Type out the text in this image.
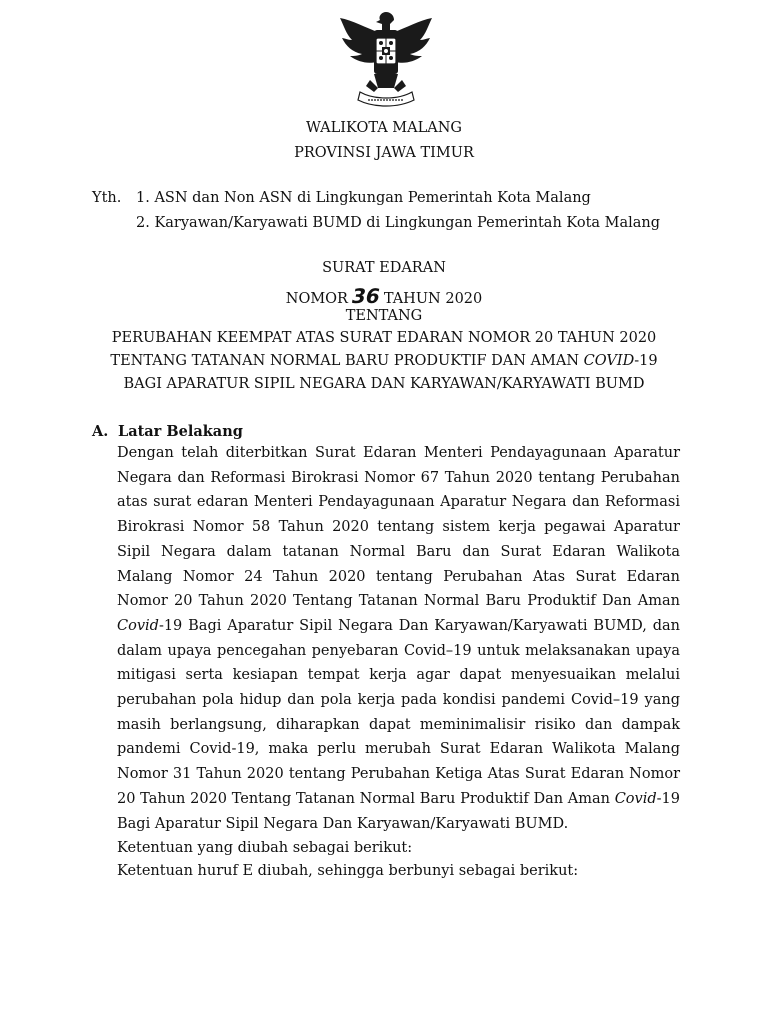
WALIKOTA MALANG
PROVINSI JAWA TIMUR
Yth. 1. ASN dan Non ASN di Lingkungan Pemerintah Kota Malang
2. Karyawan/Karyawati BUMD di Lingkungan Pemerintah Kota Malang
SURAT EDARAN
NOMOR36TAHUN 2020
TENTANG
PERUBAHAN KEEMPAT ATAS SURAT EDARAN NOMOR 20 TAHUN 2020
TENTANG TATANAN NORMAL BARU PRODUKTIF DAN AMAN COVID-19
BAGI APARATUR SIPIL NEGARA DAN KARYAWAN/KARYAWATI BUMD
A. Latar Belakang

Dengan telah diterbitkan Surat Edaran Menteri Pendayagunaan Aparatur Negara dan Reformasi Birokrasi Nomor 67 Tahun 2020 tentang Perubahan atas surat edaran Menteri Pendayagunaan Aparatur Negara dan Reformasi Birokrasi Nomor 58 Tahun 2020 tentang sistem kerja pegawai Aparatur Sipil Negara dalam tatanan Normal Baru dan Surat Edaran Walikota Malang Nomor 24 Tahun 2020 tentang Perubahan Atas Surat Edaran Nomor 20 Tahun 2020 Tentang Tatanan Normal Baru Produktif Dan Aman Covid-19 Bagi Aparatur Sipil Negara Dan Karyawan/Karyawati BUMD, dan dalam upaya pencegahan penyebaran Covid–19 untuk melaksanakan upaya mitigasi serta kesiapan tempat kerja agar dapat menyesuaikan melalui perubahan pola hidup dan pola kerja pada kondisi pandemi Covid–19 yang masih berlangsung, diharapkan dapat meminimalisir risiko dan dampak pandemi Covid-19, maka perlu merubah Surat Edaran Walikota Malang Nomor 31 Tahun 2020 tentang Perubahan Ketiga Atas Surat Edaran Nomor 20 Tahun 2020 Tentang Tatanan Normal Baru Produktif Dan Aman Covid-19 Bagi Aparatur Sipil Negara Dan Karyawan/Karyawati BUMD.

Ketentuan yang diubah sebagai berikut:
Ketentuan huruf E diubah, sehingga berbunyi sebagai berikut:
